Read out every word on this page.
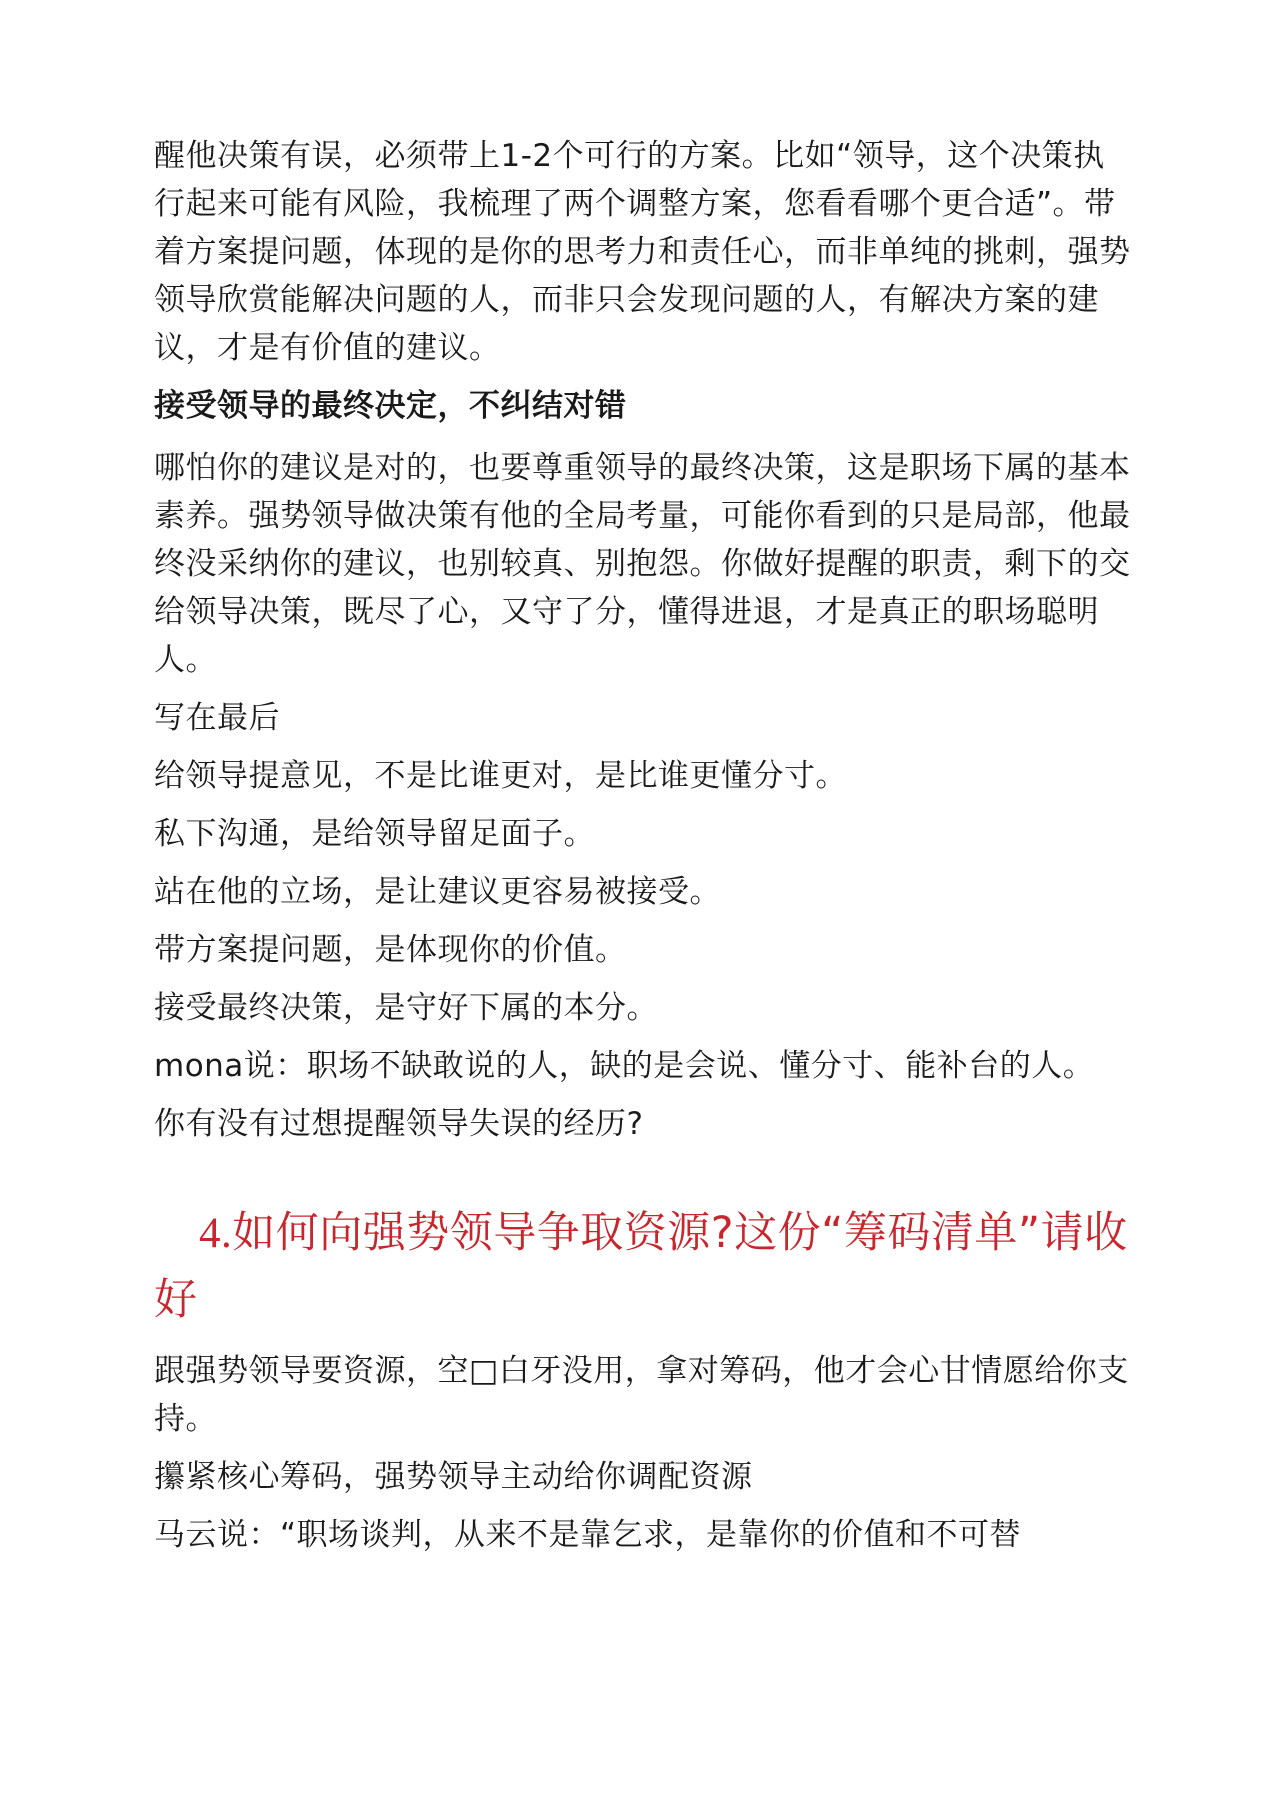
醒他决策有误，必须带上1-2个可行的方案。比如“领导，这个决策执行起来可能有风险，我梳理了两个调整方案，您看看哪个更合适”。带着方案提问题，体现的是你的思考力和责任心，而非单纯的挑刺，强势领导欣赏能解决问题的人，而非只会发现问题的人，有解决方案的建议，才是有价值的建议。

接受领导的最终决定，不纠结对错

哪怕你的建议是对的，也要尊重领导的最终决策，这是职场下属的基本素养。强势领导做决策有他的全局考量，可能你看到的只是局部，他最终没采纳你的建议，也别较真、别抱怨。你做好提醒的职责，剩下的交给领导决策，既尽了心，又守了分，懂得进退，才是真正的职场聪明人。

写在最后

给领导提意见，不是比谁更对，是比谁更懂分寸。

私下沟通，是给领导留足面子。

站在他的立场，是让建议更容易被接受。

带方案提问题，是体现你的价值。

接受最终决策，是守好下属的本分。

mona说：职场不缺敢说的人，缺的是会说、懂分寸、能补台的人。

你有没有过想提醒领导失误的经历?

4.如何向强势领导争取资源?这份“筹码清单”请收好

跟强势领导要资源，空□白牙没用，拿对筹码，他才会心甘情愿给你支持。

攥紧核心筹码，强势领导主动给你调配资源

马云说：“职场谈判，从来不是靠乞求，是靠你的价值和不可替
